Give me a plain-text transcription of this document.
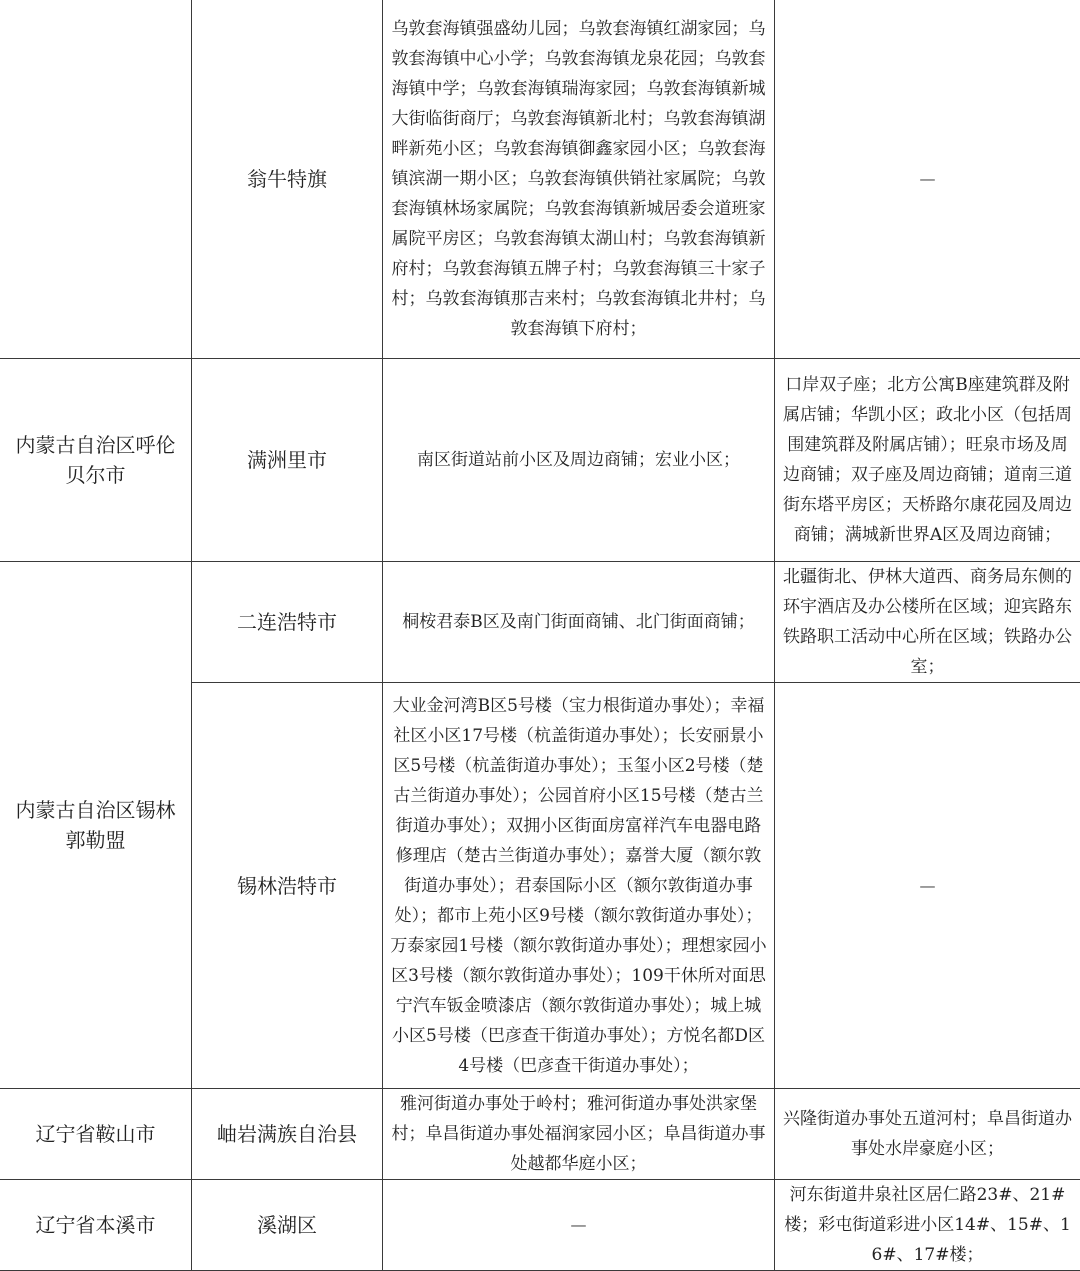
	翁牛特旗	乌敦套海镇强盛幼儿园；乌敦套海镇红湖家园；乌敦套海镇中心小学；乌敦套海镇龙泉花园；乌敦套海镇中学；乌敦套海镇瑞海家园；乌敦套海镇新城大街临街商厅；乌敦套海镇新北村；乌敦套海镇湖畔新苑小区；乌敦套海镇御鑫家园小区；乌敦套海镇滨湖一期小区；乌敦套海镇供销社家属院；乌敦套海镇林场家属院；乌敦套海镇新城居委会道班家属院平房区；乌敦套海镇太湖山村；乌敦套海镇新府村；乌敦套海镇五牌子村；乌敦套海镇三十家子村；乌敦套海镇那吉来村；乌敦套海镇北井村；乌敦套海镇下府村；	—
内蒙古自治区呼伦贝尔市	满洲里市	南区街道站前小区及周边商铺；宏业小区；	口岸双子座；北方公寓B座建筑群及附属店铺；华凯小区；政北小区（包括周围建筑群及附属店铺）；旺泉市场及周边商铺；双子座及周边商铺；道南三道街东塔平房区；天桥路尔康花园及周边商铺；满城新世界A区及周边商铺；
内蒙古自治区锡林郭勒盟	二连浩特市	桐桉君泰B区及南门街面商铺、北门街面商铺；	北疆街北、伊林大道西、商务局东侧的环宇酒店及办公楼所在区域；迎宾路东铁路职工活动中心所在区域；铁路办公室；
	锡林浩特市	大业金河湾B区5号楼（宝力根街道办事处）；幸福社区小区17号楼（杭盖街道办事处）；长安丽景小区5号楼（杭盖街道办事处）；玉玺小区2号楼（楚古兰街道办事处）；公园首府小区15号楼（楚古兰街道办事处）；双拥小区街面房富祥汽车电器电路修理店（楚古兰街道办事处）；嘉誉大厦（额尔敦街道办事处）；君泰国际小区（额尔敦街道办事处）；都市上苑小区9号楼（额尔敦街道办事处）；万泰家园1号楼（额尔敦街道办事处）；理想家园小区3号楼（额尔敦街道办事处）；109干休所对面思宁汽车钣金喷漆店（额尔敦街道办事处）；城上城小区5号楼（巴彦查干街道办事处）；方悦名都D区4号楼（巴彦查干街道办事处）；	—
辽宁省鞍山市	岫岩满族自治县	雅河街道办事处于岭村；雅河街道办事处洪家堡村；阜昌街道办事处福润家园小区；阜昌街道办事处越都华庭小区；	兴隆街道办事处五道河村；阜昌街道办事处水岸豪庭小区；
辽宁省本溪市	溪湖区	—	河东街道井泉社区居仁路23#、21#楼；彩屯街道彩进小区14#、15#、16#、17#楼；
